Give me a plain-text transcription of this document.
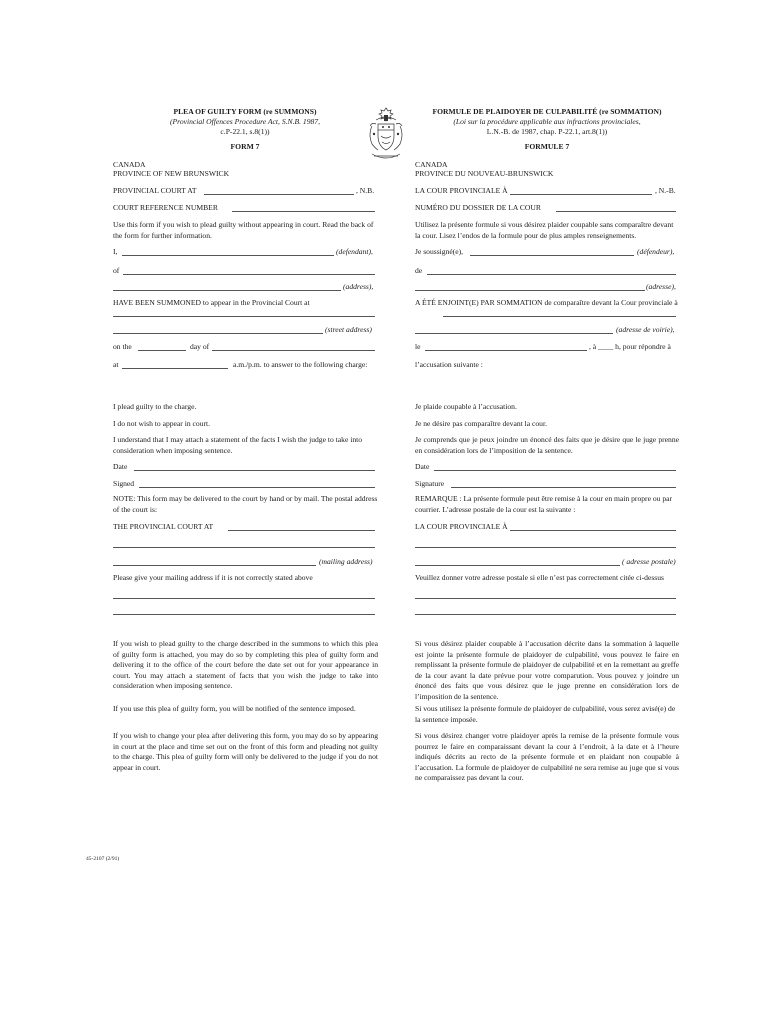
PLEA OF GUILTY FORM (re SUMMONS)
(Provincial Offences Procedure Act, S.N.B. 1987,
c.P-22.1, s.8(1))
FORM 7
FORMULE DE PLAIDOYER DE CULPABILITÉ (re SOMMATION)
(Loi sur la procédure applicable aux infractions provinciales,
L.N.-B. de 1987, chap. P-22.1, art.8(1))
FORMULE 7
CANADA
PROVINCE OF NEW BRUNSWICK
PROVINCIAL COURT AT	, N.B.
COURT REFERENCE NUMBER
Use this form if you wish to plead guilty without appearing in court. Read the back of the form for further information.
I,	(defendant),
of
(address),
HAVE BEEN SUMMONED to appear in the Provincial Court at
(street address)
on the	day of
at	a.m./p.m. to answer to the following charge:
I plead guilty to the charge.
I do not wish to appear in court.
I understand that I may attach a statement of the facts I wish the judge to take into consideration when imposing sentence.
Date
Signed
NOTE: This form may be delivered to the court by hand or by mail. The postal address of the court is:
THE PROVINCIAL COURT AT
(mailing address)
Please give your mailing address if it is not correctly stated above
If you wish to plead guilty to the charge described in the summons to which this plea of guilty form is attached, you may do so by completing this plea of guilty form and delivering it to the office of the court before the date set out for your appearance in court. You may attach a statement of facts that you wish the judge to take into consideration when imposing sentence.
If you use this plea of guilty form, you will be notified of the sentence imposed.
If you wish to change your plea after delivering this form, you may do so by appearing in court at the place and time set out on the front of this form and pleading not guilty to the charge. This plea of guilty form will only be delivered to the judge if you do not appear in court.
CANADA
PROVINCE DU NOUVEAU-BRUNSWICK
LA COUR PROVINCIALE À	, N.-B.
NUMÉRO DU DOSSIER DE LA COUR
Utilisez la présente formule si vous désirez plaider coupable sans comparaître devant la cour. Lisez l’endos de la formule pour de plus amples renseignements.
Je soussigné(e),	(défendeur),
de
(adresse),
A ÉTÉ ENJOINT(E) PAR SOMMATION de comparaître devant la Cour provinciale à
(adresse de voirie),
le	, à ____ h, pour répondre à
l’accusation suivante :
Je plaide coupable à l’accusation.
Je ne désire pas comparaître devant la cour.
Je comprends que je peux joindre un énoncé des faits que je désire que le juge prenne en considération lors de l’imposition de la sentence.
Date
Signature
REMARQUE : La présente formule peut être remise à la cour en main propre ou par courrier. L’adresse postale de la cour est la suivante :
LA COUR PROVINCIALE À
( adresse postale)
Veuillez donner votre adresse postale si elle n’est pas correctement citée ci-dessus
Si vous désirez plaider coupable à l’accusation décrite dans la sommation à laquelle est jointe la présente formule de plaidoyer de culpabilité, vous pouvez le faire en remplissant la présente formule de plaidoyer de culpabilité et en la remettant au greffe de la cour avant la date prévue pour votre comparution. Vous pouvez y joindre un énoncé des faits que vous désirez que le juge prenne en considération lors de l’imposition de la sentence.
Si vous utilisez la présente formule de plaidoyer de culpabilité, vous serez avisé(e) de la sentence imposée.
Si vous désirez changer votre plaidoyer après la remise de la présente formule vous pourrez le faire en comparaissant devant la cour à l’endroit, à la date et à l’heure indiqués décrits au recto de la présente formule et en plaidant non coupable à l’accusation. La formule de plaidoyer de culpabilité ne sera remise au juge que si vous ne comparaissez pas devant la cour.
45-2107 (2/91)
